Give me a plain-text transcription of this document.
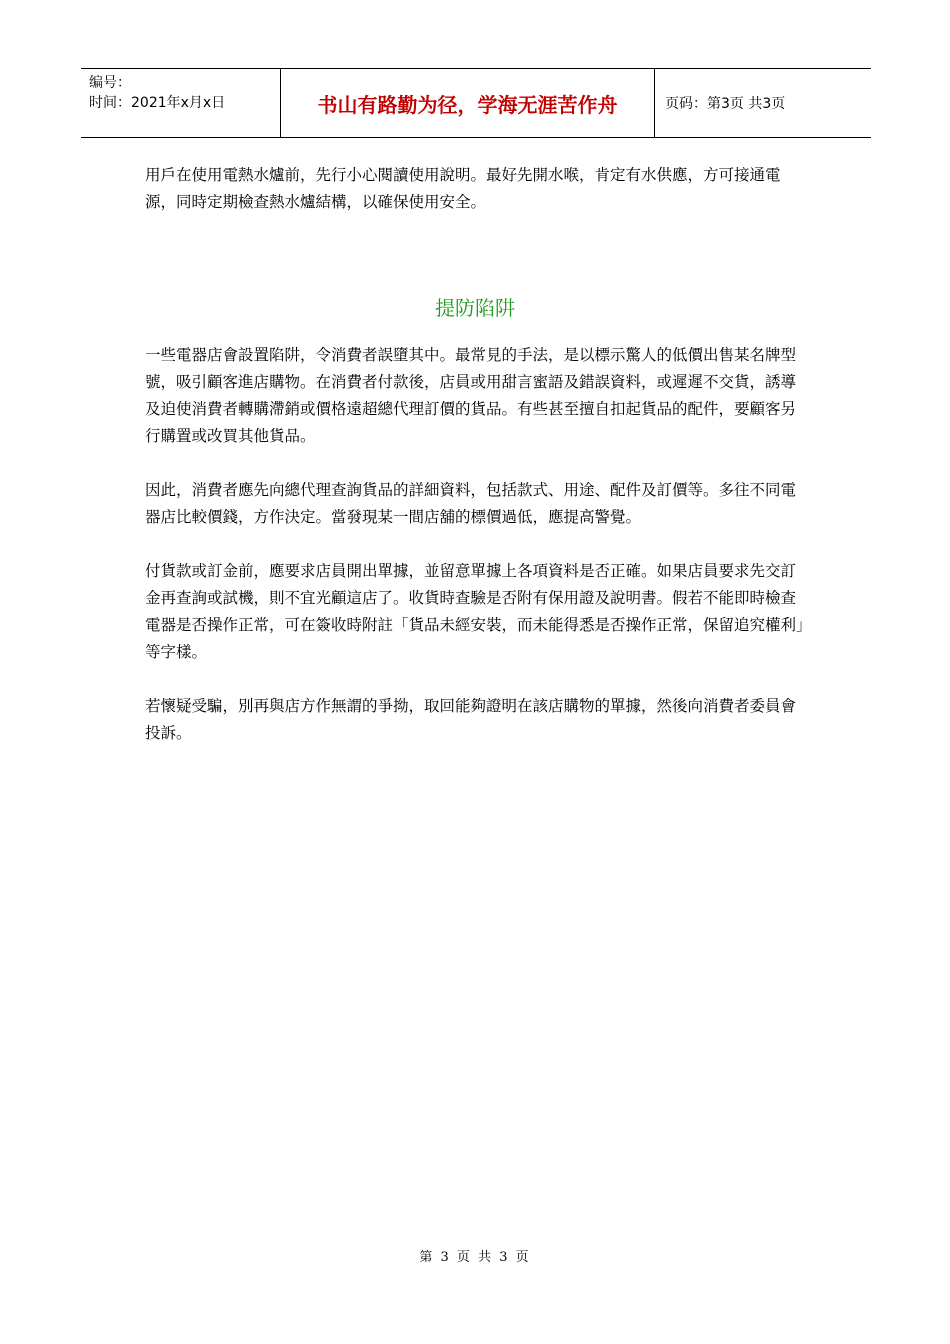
编号：
时间：2021年x月x日	书山有路勤为径，学海无涯苦作舟	页码：第3页 共3页

用戶在使用電熱水爐前，先行小心閱讀使用說明。最好先開水喉，肯定有水供應，方可接通電源，同時定期檢查熱水爐結構，以確保使用安全。

提防陷阱

一些電器店會設置陷阱，令消費者誤墮其中。最常見的手法，是以標示驚人的低價出售某名牌型號，吸引顧客進店購物。在消費者付款後，店員或用甜言蜜語及錯誤資料，或遲遲不交貨，誘導及迫使消費者轉購滯銷或價格遠超總代理訂價的貨品。有些甚至擅自扣起貨品的配件，要顧客另行購置或改買其他貨品。

因此，消費者應先向總代理查詢貨品的詳細資料，包括款式、用途、配件及訂價等。多往不同電器店比較價錢，方作決定。當發現某一間店舖的標價過低，應提高警覺。

付貨款或訂金前，應要求店員開出單據，並留意單據上各項資料是否正確。如果店員要求先交訂金再查詢或試機，則不宜光顧這店了。收貨時查驗是否附有保用證及說明書。假若不能即時檢查電器是否操作正常，可在簽收時附註「貨品未經安裝，而未能得悉是否操作正常，保留追究權利」等字樣。

若懷疑受騙，別再與店方作無謂的爭拗，取回能夠證明在該店購物的單據，然後向消費者委員會投訴。

第 3 页 共 3 页
